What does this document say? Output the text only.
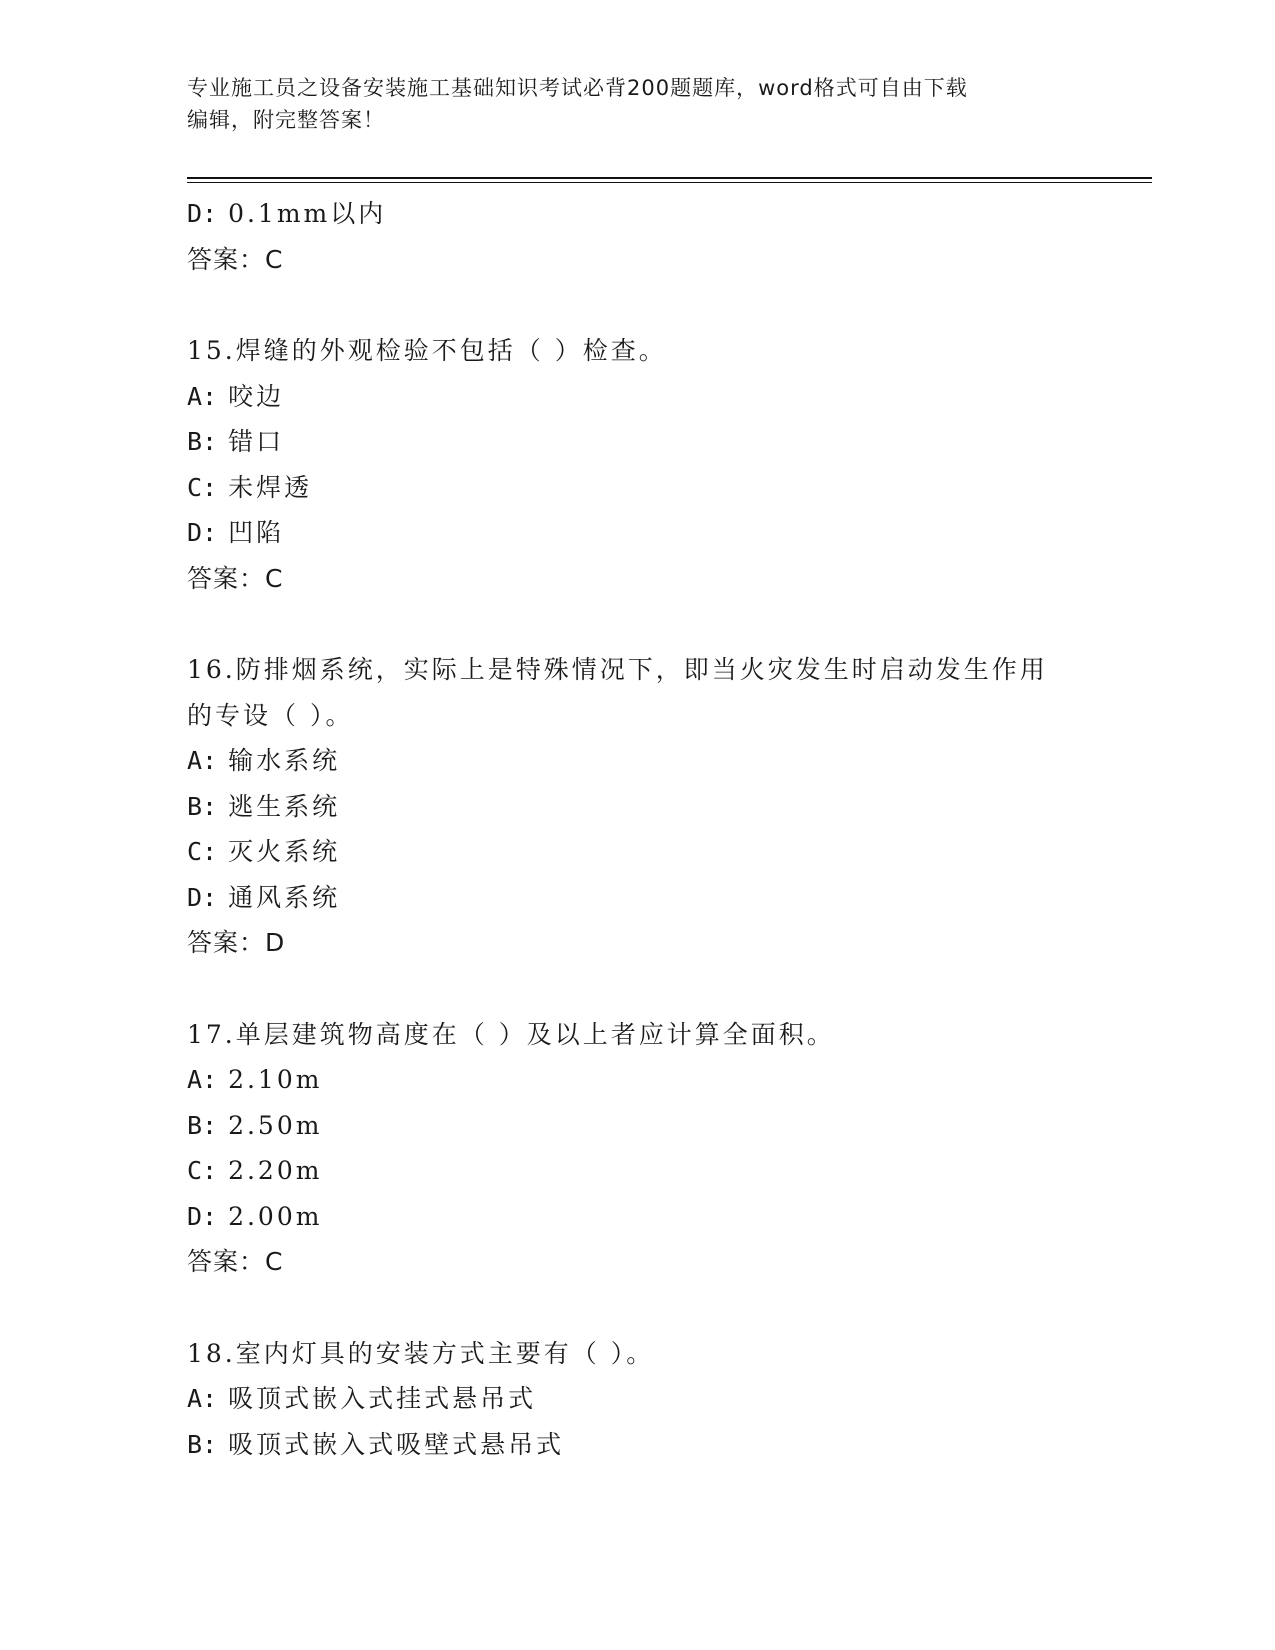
专业施工员之设备安装施工基础知识考试必背200题题库，word格式可自由下载
编辑，附完整答案！
D: 0.1mm以内
答案：C
15.焊缝的外观检验不包括（ ）检查。
A: 咬边
B: 错口
C: 未焊透
D: 凹陷
答案：C
16.防排烟系统，实际上是特殊情况下，即当火灾发生时启动发生作用
的专设（ ）。
A: 输水系统
B: 逃生系统
C: 灭火系统
D: 通风系统
答案：D
17.单层建筑物高度在（ ）及以上者应计算全面积。
A: 2.10m
B: 2.50m
C: 2.20m
D: 2.00m
答案：C
18.室内灯具的安装方式主要有（ ）。
A: 吸顶式嵌入式挂式悬吊式
B: 吸顶式嵌入式吸壁式悬吊式
